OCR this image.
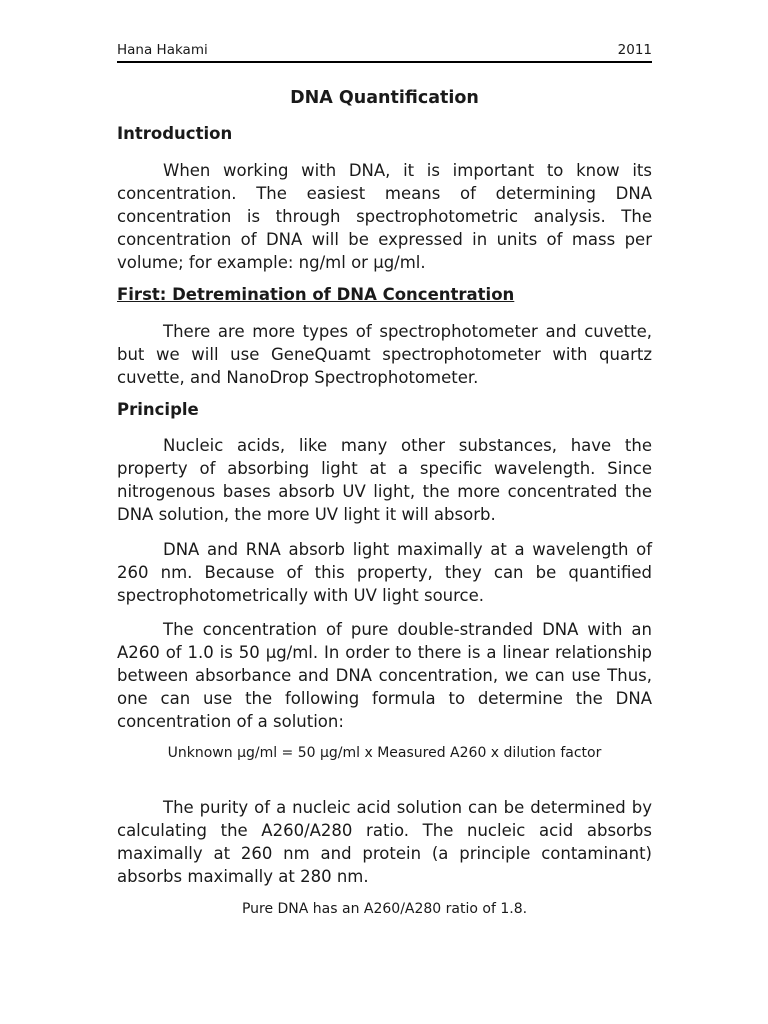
Hana Hakami	2011
DNA Quantification
Introduction
When working with DNA, it is important to know its concentration. The easiest means of determining DNA concentration is through spectrophotometric analysis. The concentration of DNA will be expressed in units of mass per volume; for example: ng/ml or µg/ml.
First: Detremination of DNA Concentration
There are more types of spectrophotometer and cuvette, but we will use GeneQuamt spectrophotometer with quartz cuvette, and NanoDrop Spectrophotometer.
Principle
Nucleic acids, like many other substances, have the property of absorbing light at a specific wavelength. Since nitrogenous bases absorb UV light, the more concentrated the DNA solution, the more UV light it will absorb.
DNA and RNA absorb light maximally at a wavelength of 260 nm. Because of this property, they can be quantified spectrophotometrically with UV light source.
The concentration of pure double-stranded DNA with an A260 of 1.0 is 50 µg/ml. In order to there is a linear relationship between absorbance and DNA concentration, we can use Thus, one can use the following formula to determine the DNA concentration of a solution:
Unknown µg/ml = 50 µg/ml x Measured A260 x dilution factor
The purity of a nucleic acid solution can be determined by calculating the A260/A280 ratio. The nucleic acid absorbs maximally at 260 nm and protein (a principle contaminant) absorbs maximally at 280 nm.
Pure DNA has an A260/A280 ratio of 1.8.
